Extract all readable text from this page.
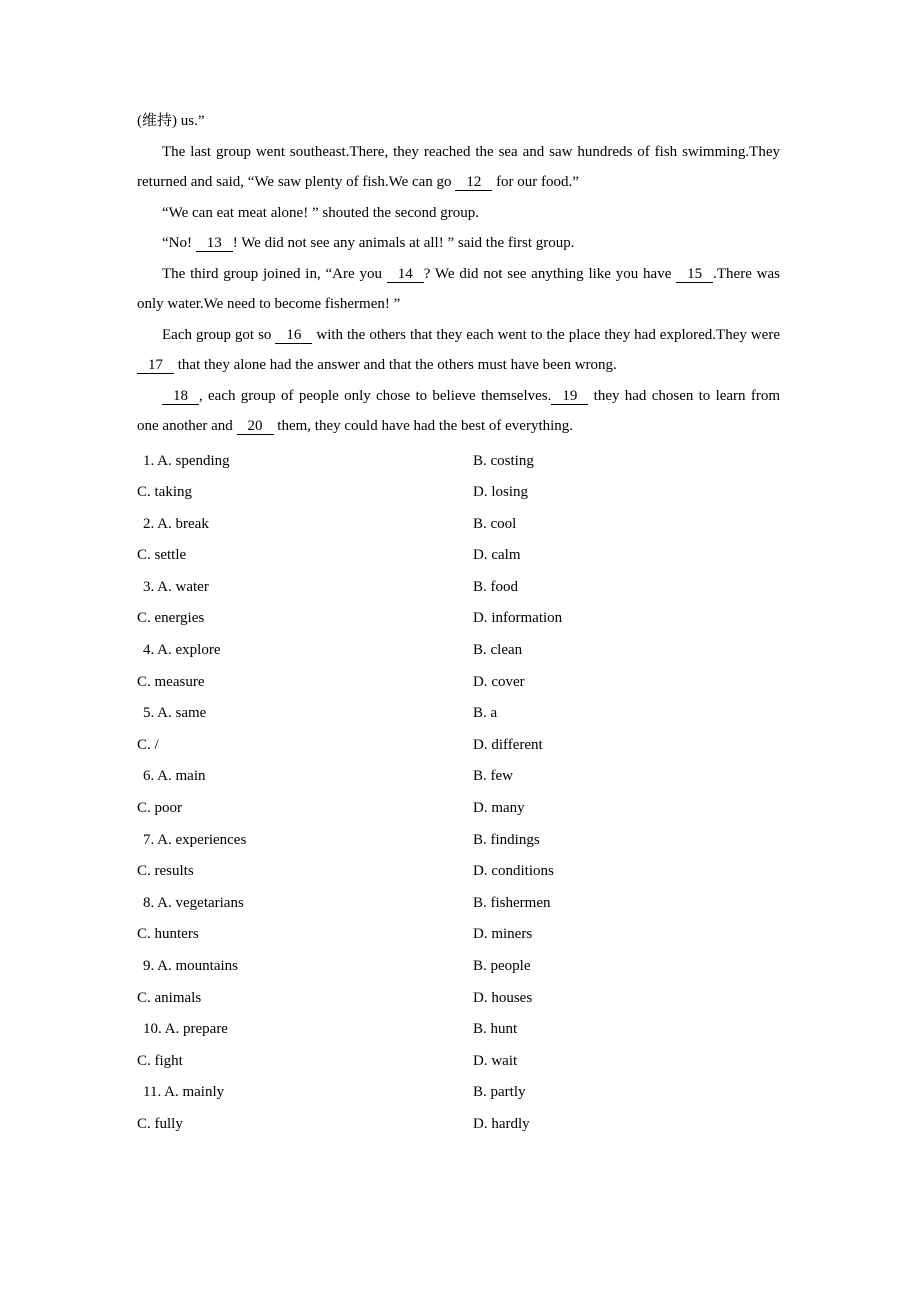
(维持) us.”

The last group went southeast.There, they reached the sea and saw hundreds of fish swimming.They returned and said, “We saw plenty of fish.We can go 12 for our food.”

“We can eat meat alone! ” shouted the second group.

“No! 13 ! We did not see any animals at all! ” said the first group.

The third group joined in, “Are you 14 ? We did not see anything like you have 15 .There was only water.We need to become fishermen! ”

Each group got so 16 with the others that they each went to the place they had explored.They were 17 that they alone had the answer and that the others must have been wrong.

18 , each group of people only chose to believe themselves. 19 they had chosen to learn from one another and 20 them, they could have had the best of everything.

1. A. spending	B. costing
C. taking	D. losing
2. A. break	B. cool
C. settle	D. calm
3. A. water	B. food
C. energies	D. information
4. A. explore	B. clean
C. measure	D. cover
5. A. same	B. a
C. /	D. different
6. A. main	B. few
C. poor	D. many
7. A. experiences	B. findings
C. results	D. conditions
8. A. vegetarians	B. fishermen
C. hunters	D. miners
9. A. mountains	B. people
C. animals	D. houses
10. A. prepare	B. hunt
C. fight	D. wait
11. A. mainly	B. partly
C. fully	D. hardly
